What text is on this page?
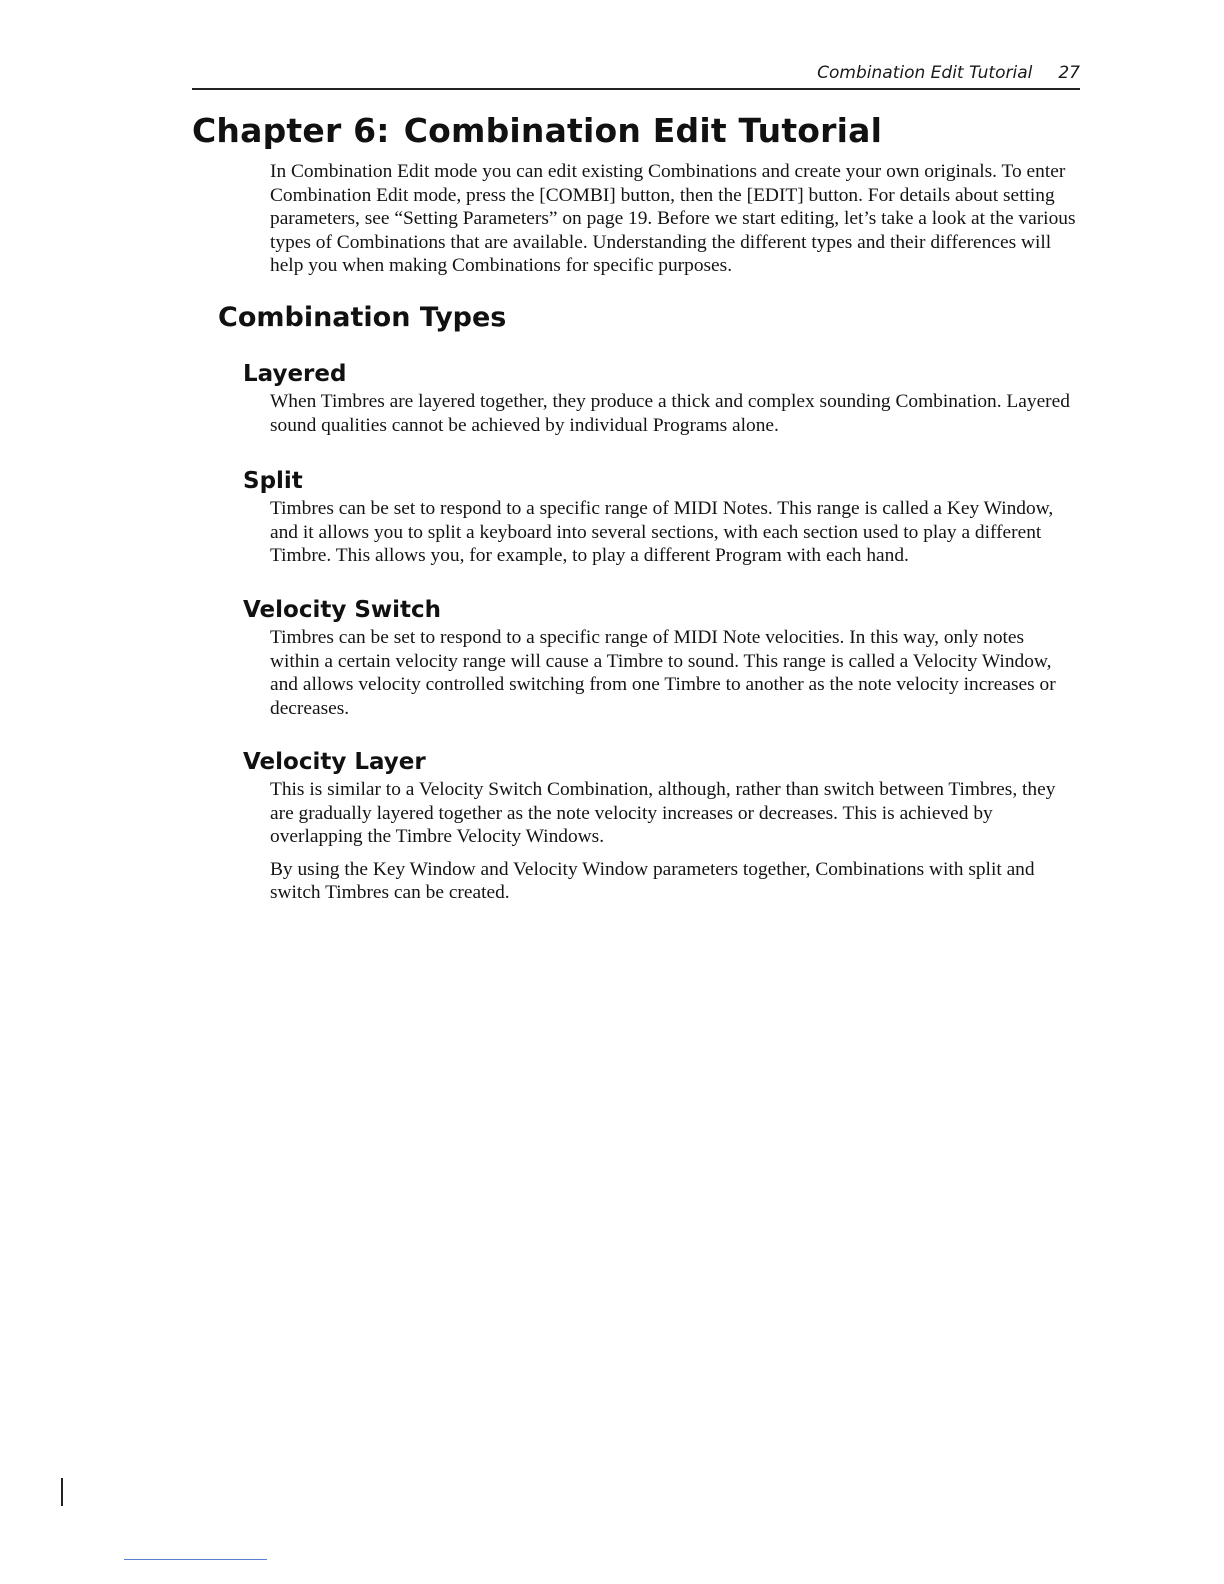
Combination Edit Tutorial 27
Chapter 6: Combination Edit Tutorial

In Combination Edit mode you can edit existing Combinations and create your own originals. To enter Combination Edit mode, press the [COMBI] button, then the [EDIT] button. For details about setting parameters, see “Setting Parameters” on page 19. Before we start editing, let’s take a look at the various types of Combinations that are available. Understanding the different types and their differences will help you when making Combinations for specific purposes.

Combination Types
Layered

When Timbres are layered together, they produce a thick and complex sounding Combination. Layered sound qualities cannot be achieved by individual Programs alone.

Split

Timbres can be set to respond to a specific range of MIDI Notes. This range is called a Key Window, and it allows you to split a keyboard into several sections, with each section used to play a different Timbre. This allows you, for example, to play a different Program with each hand.

Velocity Switch

Timbres can be set to respond to a specific range of MIDI Note velocities. In this way, only notes within a certain velocity range will cause a Timbre to sound. This range is called a Velocity Window, and allows velocity controlled switching from one Timbre to another as the note velocity increases or decreases.

Velocity Layer

This is similar to a Velocity Switch Combination, although, rather than switch between Timbres, they are gradually layered together as the note velocity increases or decreases. This is achieved by overlapping the Timbre Velocity Windows.

By using the Key Window and Velocity Window parameters together, Combinations with split and switch Timbres can be created.
